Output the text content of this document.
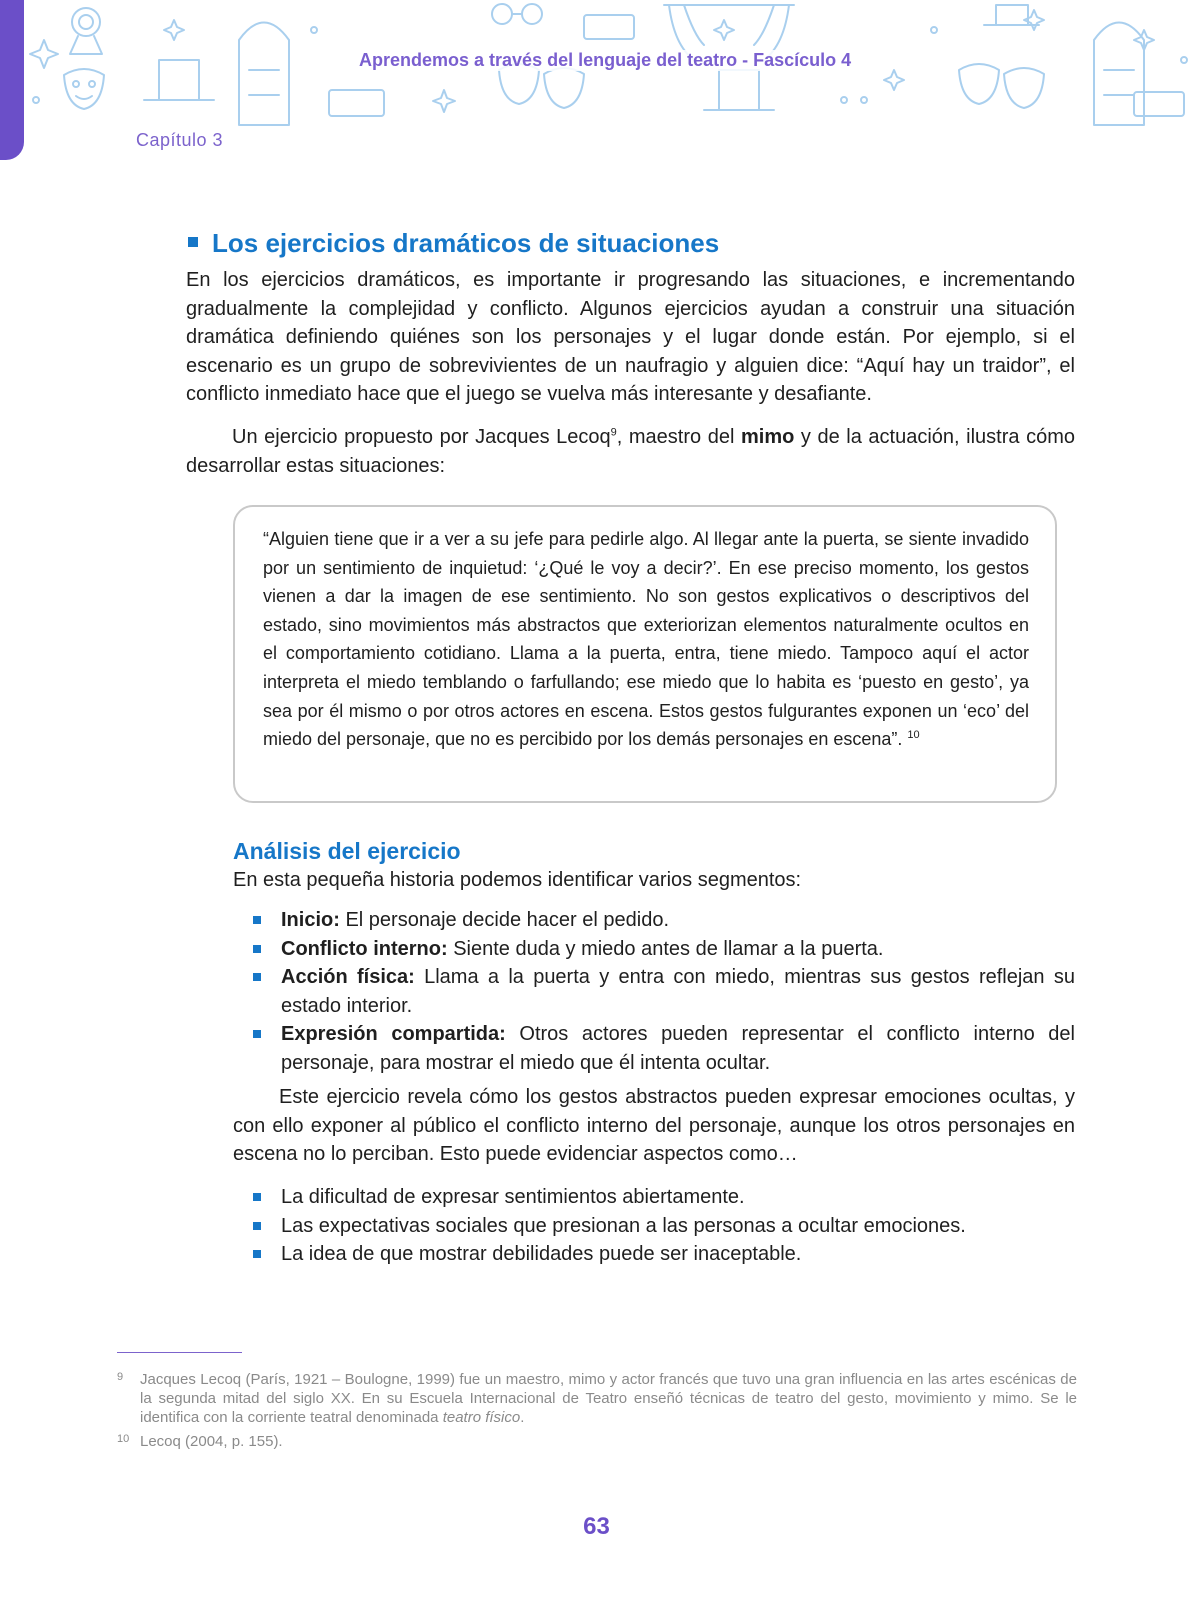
Aprendemos a través del lenguaje del teatro - Fascículo 4
Capítulo 3
Los ejercicios dramáticos de situaciones

En los ejercicios dramáticos, es importante ir progresando las situaciones, e incrementando gradualmente la complejidad y conflicto. Algunos ejercicios ayudan a construir una situación dramática definiendo quiénes son los personajes y el lugar donde están. Por ejemplo, si el escenario es un grupo de sobrevivientes de un naufragio y alguien dice: “Aquí hay un traidor”, el conflicto inmediato hace que el juego se vuelva más interesante y desafiante.

Un ejercicio propuesto por Jacques Lecoq$^9$, maestro del mimo y de la actuación, ilustra cómo desarrollar estas situaciones:

“Alguien tiene que ir a ver a su jefe para pedirle algo. Al llegar ante la puerta, se siente invadido por un sentimiento de inquietud: ‘¿Qué le voy a decir?’. En ese preciso momento, los gestos vienen a dar la imagen de ese sentimiento. No son gestos explicativos o descriptivos del estado, sino movimientos más abstractos que exteriorizan elementos naturalmente ocultos en el comportamiento cotidiano. Llama a la puerta, entra, tiene miedo. Tampoco aquí el actor interpreta el miedo temblando o farfullando; ese miedo que lo habita es ‘puesto en gesto’, ya sea por él mismo o por otros actores en escena. Estos gestos fulgurantes exponen un ‘eco’ del miedo del personaje, que no es percibido por los demás personajes en escena”. $^{10}$

Análisis del ejercicio

En esta pequeña historia podemos identificar varios segmentos:

Inicio: El personaje decide hacer el pedido.
Conflicto interno: Siente duda y miedo antes de llamar a la puerta.
Acción física: Llama a la puerta y entra con miedo, mientras sus gestos reflejan su estado interior.
Expresión compartida: Otros actores pueden representar el conflicto interno del personaje, para mostrar el miedo que él intenta ocultar.

Este ejercicio revela cómo los gestos abstractos pueden expresar emociones ocultas, y con ello exponer al público el conflicto interno del personaje, aunque los otros personajes en escena no lo perciban. Esto puede evidenciar aspectos como…

La dificultad de expresar sentimientos abiertamente.
Las expectativas sociales que presionan a las personas a ocultar emociones.
La idea de que mostrar debilidades puede ser inaceptable.
9 Jacques Lecoq (París, 1921 – Boulogne, 1999) fue un maestro, mimo y actor francés que tuvo una gran influencia en las artes escénicas de la segunda mitad del siglo XX. En su Escuela Internacional de Teatro enseñó técnicas de teatro del gesto, movimiento y mimo. Se le identifica con la corriente teatral denominada teatro físico.
10 Lecoq (2004, p. 155).
63
